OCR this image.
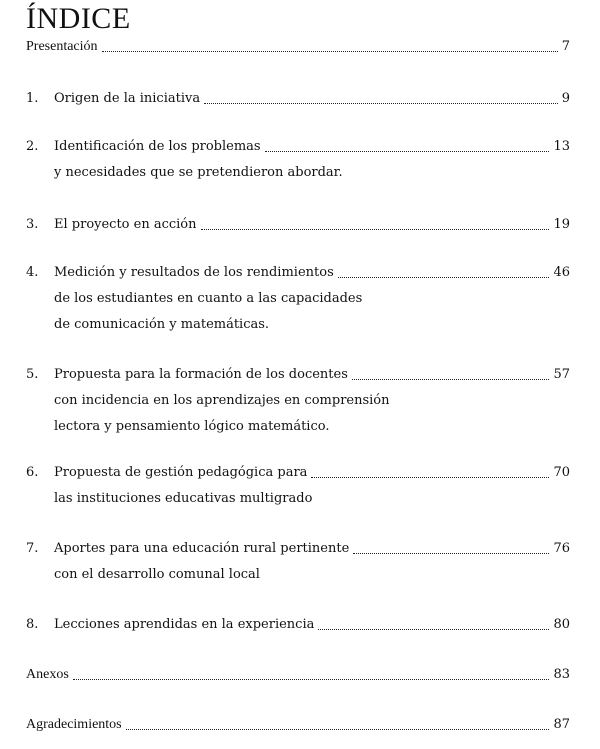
ÍNDICE
Presentación	7
1.	Origen de la iniciativa	9
2.	Identificación de los problemas	13
y necesidades que se pretendieron abordar.
3.	El proyecto en acción	19
4.	Medición y resultados de los rendimientos	46
de los estudiantes en cuanto a las capacidades
de comunicación y matemáticas.
5.	Propuesta para la formación de los docentes	57
con incidencia en los aprendizajes en comprensión
lectora y pensamiento lógico matemático.
6.	Propuesta de gestión pedagógica para	70
las instituciones educativas multigrado
7.	Aportes para una educación rural pertinente	76
con el desarrollo comunal local
8.	Lecciones aprendidas en la experiencia	80
Anexos	83
Agradecimientos	87
